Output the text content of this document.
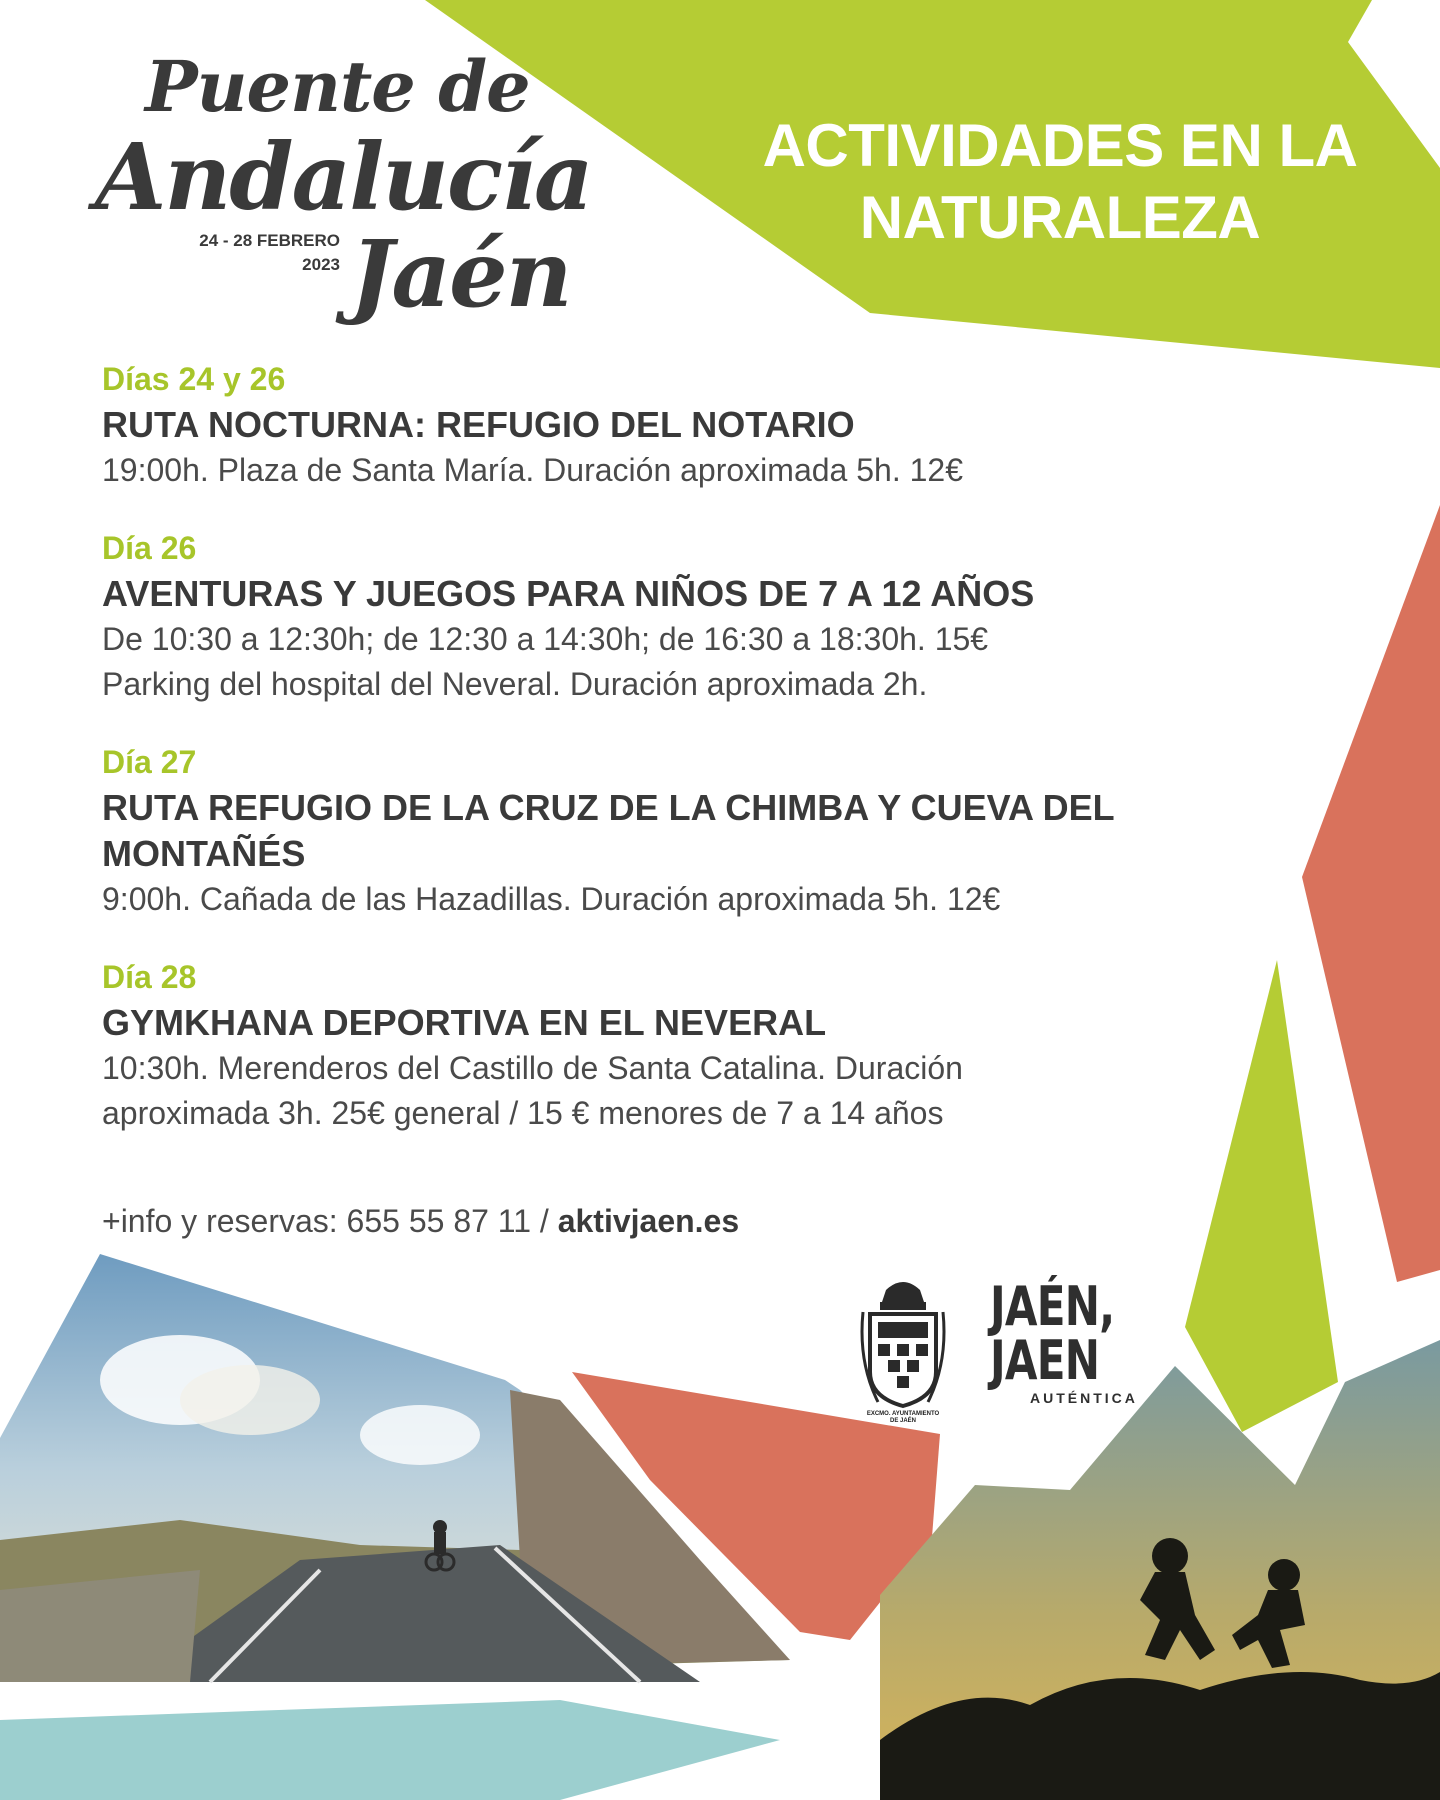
Puente de
Andalucía
24 - 28 FEBRERO
2023 Jaén
ACTIVIDADES EN LA
NATURALEZA
Días 24 y 26
RUTA NOCTURNA: REFUGIO DEL NOTARIO
19:00h. Plaza de Santa María. Duración aproximada 5h. 12€
Día 26
AVENTURAS Y JUEGOS PARA NIÑOS DE 7 A 12 AÑOS
De 10:30 a 12:30h; de 12:30 a 14:30h; de 16:30 a 18:30h. 15€
Parking del hospital del Neveral. Duración aproximada 2h.
Día 27
RUTA REFUGIO DE LA CRUZ DE LA CHIMBA Y CUEVA DEL
MONTAÑÉS
9:00h. Cañada de las Hazadillas. Duración aproximada 5h. 12€
Día 28
GYMKHANA DEPORTIVA EN EL NEVERAL
10:30h. Merenderos del Castillo de Santa Catalina. Duración
aproximada 3h. 25€ general / 15 € menores de 7 a 14 años
+info y reservas: 655 55 87 11 / aktivjaen.es
EXCMO. AYUNTAMIENTO
DE JAÉN
JAÉN,
JAEN
AUTÉNTICA
